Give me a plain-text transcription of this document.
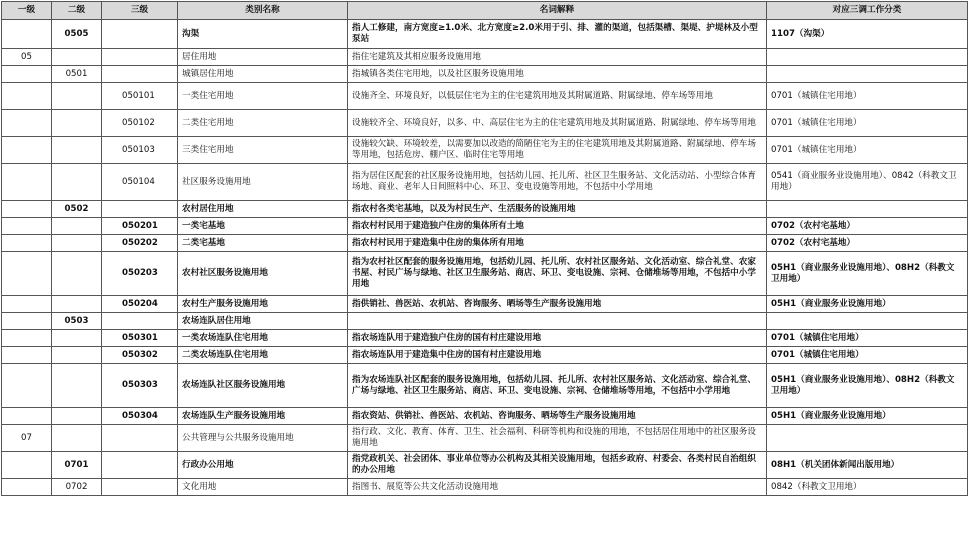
一级	二级	三级	类别名称	名词解释	对应三调工作分类
	0505		沟渠	指人工修建，南方宽度≥1.0米、北方宽度≥2.0米用于引、排、灌的渠道，包括渠槽、渠堤、护堤林及小型泵站	1107（沟渠）
05			居住用地	指住宅建筑及其相应服务设施用地	
	0501		城镇居住用地	指城镇各类住宅用地，以及社区服务设施用地	
		050101	一类住宅用地	设施齐全、环境良好，以低层住宅为主的住宅建筑用地及其附属道路、附属绿地、停车场等用地	0701（城镇住宅用地）
		050102	二类住宅用地	设施较齐全、环境良好，以多、中、高层住宅为主的住宅建筑用地及其附属道路、附属绿地、停车场等用地	0701（城镇住宅用地）
		050103	三类住宅用地	设施较欠缺、环境较差，以需要加以改造的简陋住宅为主的住宅建筑用地及其附属道路、附属绿地、停车场等用地，包括危房、棚户区、临时住宅等用地	0701（城镇住宅用地）
		050104	社区服务设施用地	指为居住区配套的社区服务设施用地，包括幼儿园、托儿所、社区卫生服务站、文化活动站、小型综合体育场地、商业、老年人日间照料中心、环卫、变电设施等用地，不包括中小学用地	0541（商业服务业设施用地）、0842（科教文卫用地）
	0502		农村居住用地	指农村各类宅基地，以及为村民生产、生活服务的设施用地	
		050201	一类宅基地	指农村村民用于建造独户住房的集体所有土地	0702（农村宅基地）
		050202	二类宅基地	指农村村民用于建造集中住房的集体所有用地	0702（农村宅基地）
		050203	农村社区服务设施用地	指为农村社区配套的服务设施用地，包括幼儿园、托儿所、农村社区服务站、文化活动室、综合礼堂、农家书屋、村民广场与绿地、社区卫生服务站、商店、环卫、变电设施、宗祠、仓储堆场等用地，不包括中小学用地	05H1（商业服务业设施用地）、08H2（科教文卫用地）
		050204	农村生产服务设施用地	指供销社、兽医站、农机站、咨询服务、晒场等生产服务设施用地	05H1（商业服务业设施用地）
	0503		农场连队居住用地		
		050301	一类农场连队住宅用地	指农场连队用于建造独户住房的国有村庄建设用地	0701（城镇住宅用地）
		050302	二类农场连队住宅用地	指农场连队用于建造集中住房的国有村庄建设用地	0701（城镇住宅用地）
		050303	农场连队社区服务设施用地	指为农场连队社区配套的服务设施用地，包括幼儿园、托儿所、农村社区服务站、文化活动室、综合礼堂、广场与绿地、社区卫生服务站、商店、环卫、变电设施、宗祠、仓储堆场等用地，不包括中小学用地	05H1（商业服务业设施用地）、08H2（科教文卫用地）
		050304	农场连队生产服务设施用地	指农资站、供销社、兽医站、农机站、咨询服务、晒场等生产服务设施用地	05H1（商业服务业设施用地）
07			公共管理与公共服务设施用地	指行政、文化、教育、体育、卫生、社会福利、科研等机构和设施的用地，不包括居住用地中的社区服务设施用地	
	0701		行政办公用地	指党政机关、社会团体、事业单位等办公机构及其相关设施用地，包括乡政府、村委会、各类村民自治组织的办公用地	08H1（机关团体新闻出版用地）
	0702		文化用地	指图书、展览等公共文化活动设施用地	0842（科教文卫用地）
